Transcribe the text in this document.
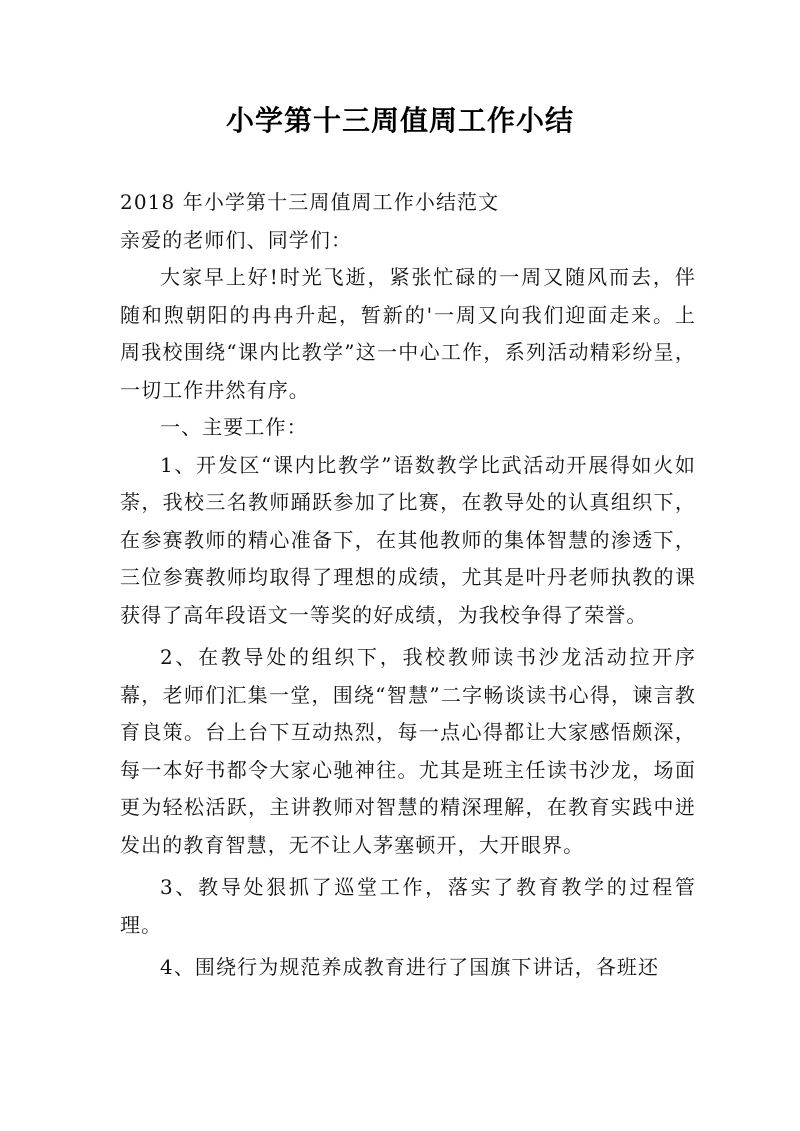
小学第十三周值周工作小结

2018 年小学第十三周值周工作小结范文

亲爱的老师们、同学们：

大家早上好!时光飞逝，紧张忙碌的一周又随风而去，伴随和煦朝阳的冉冉升起，暂新的'一周又向我们迎面走来。上周我校围绕“课内比教学”这一中心工作，系列活动精彩纷呈，一切工作井然有序。

一、主要工作：

1、开发区“课内比教学”语数教学比武活动开展得如火如荼，我校三名教师踊跃参加了比赛，在教导处的认真组织下，在参赛教师的精心准备下，在其他教师的集体智慧的渗透下，三位参赛教师均取得了理想的成绩，尤其是叶丹老师执教的课获得了高年段语文一等奖的好成绩，为我校争得了荣誉。

2、在教导处的组织下，我校教师读书沙龙活动拉开序幕，老师们汇集一堂，围绕“智慧”二字畅谈读书心得，谏言教育良策。台上台下互动热烈，每一点心得都让大家感悟颇深，每一本好书都令大家心驰神往。尤其是班主任读书沙龙，场面更为轻松活跃，主讲教师对智慧的精深理解，在教育实践中迸发出的教育智慧，无不让人茅塞顿开，大开眼界。

3、教导处狠抓了巡堂工作，落实了教育教学的过程管理。

4、围绕行为规范养成教育进行了国旗下讲话，各班还
